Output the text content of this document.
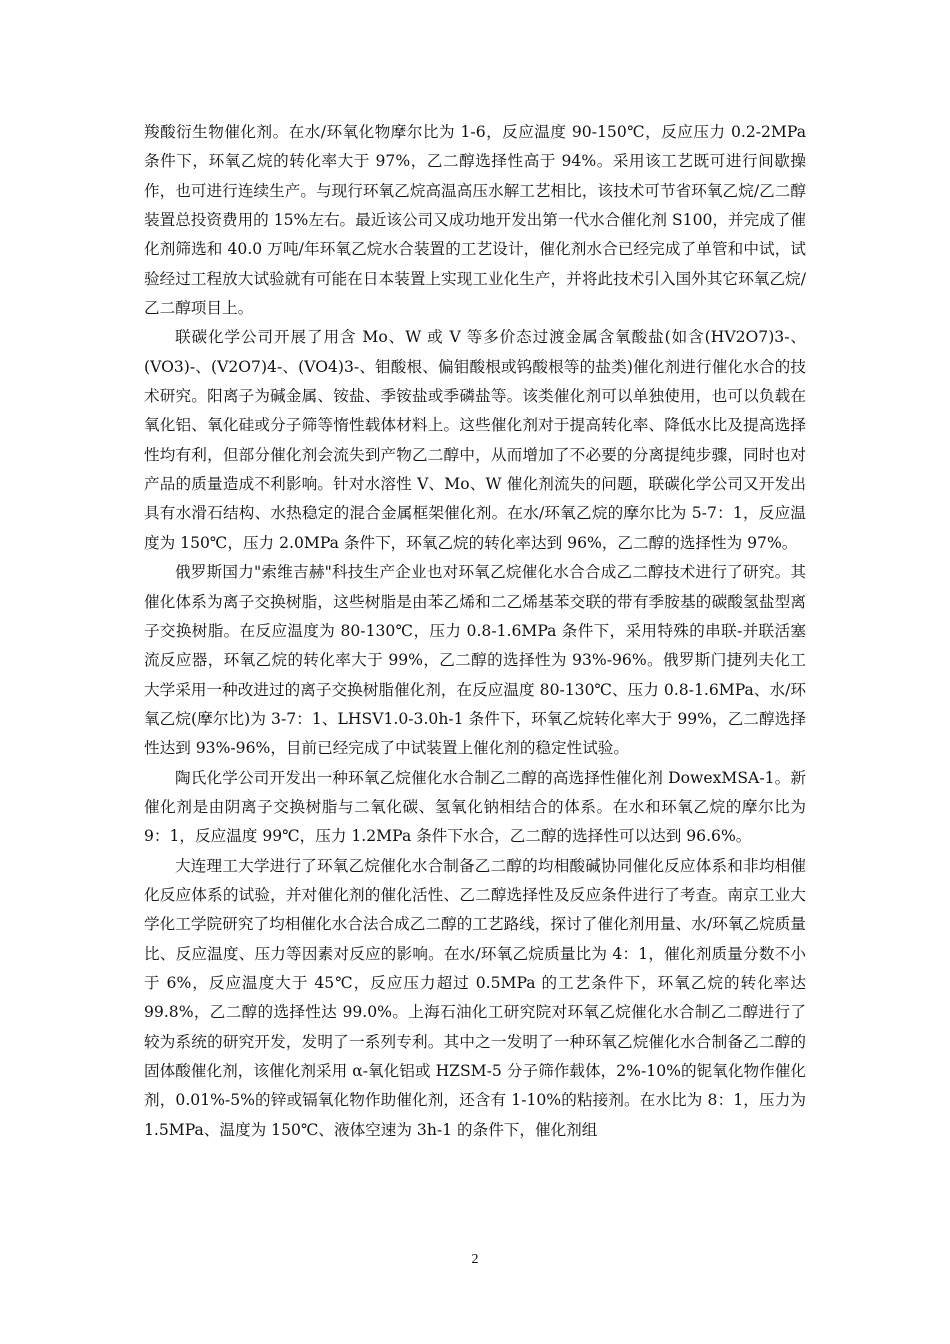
羧酸衍生物催化剂。在水/环氧化物摩尔比为 1-6，反应温度 90-150℃，反应压力 0.2-2MPa 条件下，环氧乙烷的转化率大于 97%，乙二醇选择性高于 94%。采用该工艺既可进行间歇操作，也可进行连续生产。与现行环氧乙烷高温高压水解工艺相比，该技术可节省环氧乙烷/乙二醇装置总投资费用的 15%左右。最近该公司又成功地开发出第一代水合催化剂 S100，并完成了催化剂筛选和 40.0 万吨/年环氧乙烷水合装置的工艺设计，催化剂水合已经完成了单管和中试，试验经过工程放大试验就有可能在日本装置上实现工业化生产，并将此技术引入国外其它环氧乙烷/乙二醇项目上。

联碳化学公司开展了用含 Mo、W 或 V 等多价态过渡金属含氧酸盐(如含(HV2O7)3-、(VO3)-、(V2O7)4-、(VO4)3-、钼酸根、偏钼酸根或钨酸根等的盐类)催化剂进行催化水合的技术研究。阳离子为碱金属、铵盐、季铵盐或季磷盐等。该类催化剂可以单独使用，也可以负载在氧化铝、氧化硅或分子筛等惰性载体材料上。这些催化剂对于提高转化率、降低水比及提高选择性均有利，但部分催化剂会流失到产物乙二醇中，从而增加了不必要的分离提纯步骤，同时也对产品的质量造成不利影响。针对水溶性 V、Mo、W 催化剂流失的问题，联碳化学公司又开发出具有水滑石结构、水热稳定的混合金属框架催化剂。在水/环氧乙烷的摩尔比为 5-7：1，反应温度为 150℃，压力 2.0MPa 条件下，环氧乙烷的转化率达到 96%，乙二醇的选择性为 97%。

俄罗斯国力"索维吉赫"科技生产企业也对环氧乙烷催化水合合成乙二醇技术进行了研究。其催化体系为离子交换树脂，这些树脂是由苯乙烯和二乙烯基苯交联的带有季胺基的碳酸氢盐型离子交换树脂。在反应温度为 80-130℃，压力 0.8-1.6MPa 条件下，采用特殊的串联-并联活塞流反应器，环氧乙烷的转化率大于 99%，乙二醇的选择性为 93%-96%。俄罗斯门捷列夫化工大学采用一种改进过的离子交换树脂催化剂，在反应温度 80-130℃、压力 0.8-1.6MPa、水/环氧乙烷(摩尔比)为 3-7：1、LHSV1.0-3.0h-1 条件下，环氧乙烷转化率大于 99%，乙二醇选择性达到 93%-96%，目前已经完成了中试装置上催化剂的稳定性试验。

陶氏化学公司开发出一种环氧乙烷催化水合制乙二醇的高选择性催化剂 DowexMSA-1。新催化剂是由阴离子交换树脂与二氧化碳、氢氧化钠相结合的体系。在水和环氧乙烷的摩尔比为 9：1，反应温度 99℃，压力 1.2MPa 条件下水合，乙二醇的选择性可以达到 96.6%。

大连理工大学进行了环氧乙烷催化水合制备乙二醇的均相酸碱协同催化反应体系和非均相催化反应体系的试验，并对催化剂的催化活性、乙二醇选择性及反应条件进行了考查。南京工业大学化工学院研究了均相催化水合法合成乙二醇的工艺路线，探讨了催化剂用量、水/环氧乙烷质量比、反应温度、压力等因素对反应的影响。在水/环氧乙烷质量比为 4：1，催化剂质量分数不小于 6%，反应温度大于 45℃，反应压力超过 0.5MPa 的工艺条件下，环氧乙烷的转化率达 99.8%，乙二醇的选择性达 99.0%。上海石油化工研究院对环氧乙烷催化水合制乙二醇进行了较为系统的研究开发，发明了一系列专利。其中之一发明了一种环氧乙烷催化水合制备乙二醇的固体酸催化剂，该催化剂采用 α-氧化铝或 HZSM-5 分子筛作载体，2%-10%的铌氧化物作催化剂，0.01%-5%的锌或镉氧化物作助催化剂，还含有 1-10%的粘接剂。在水比为 8：1，压力为 1.5MPa、温度为 150℃、液体空速为 3h-1 的条件下，催化剂组

2
